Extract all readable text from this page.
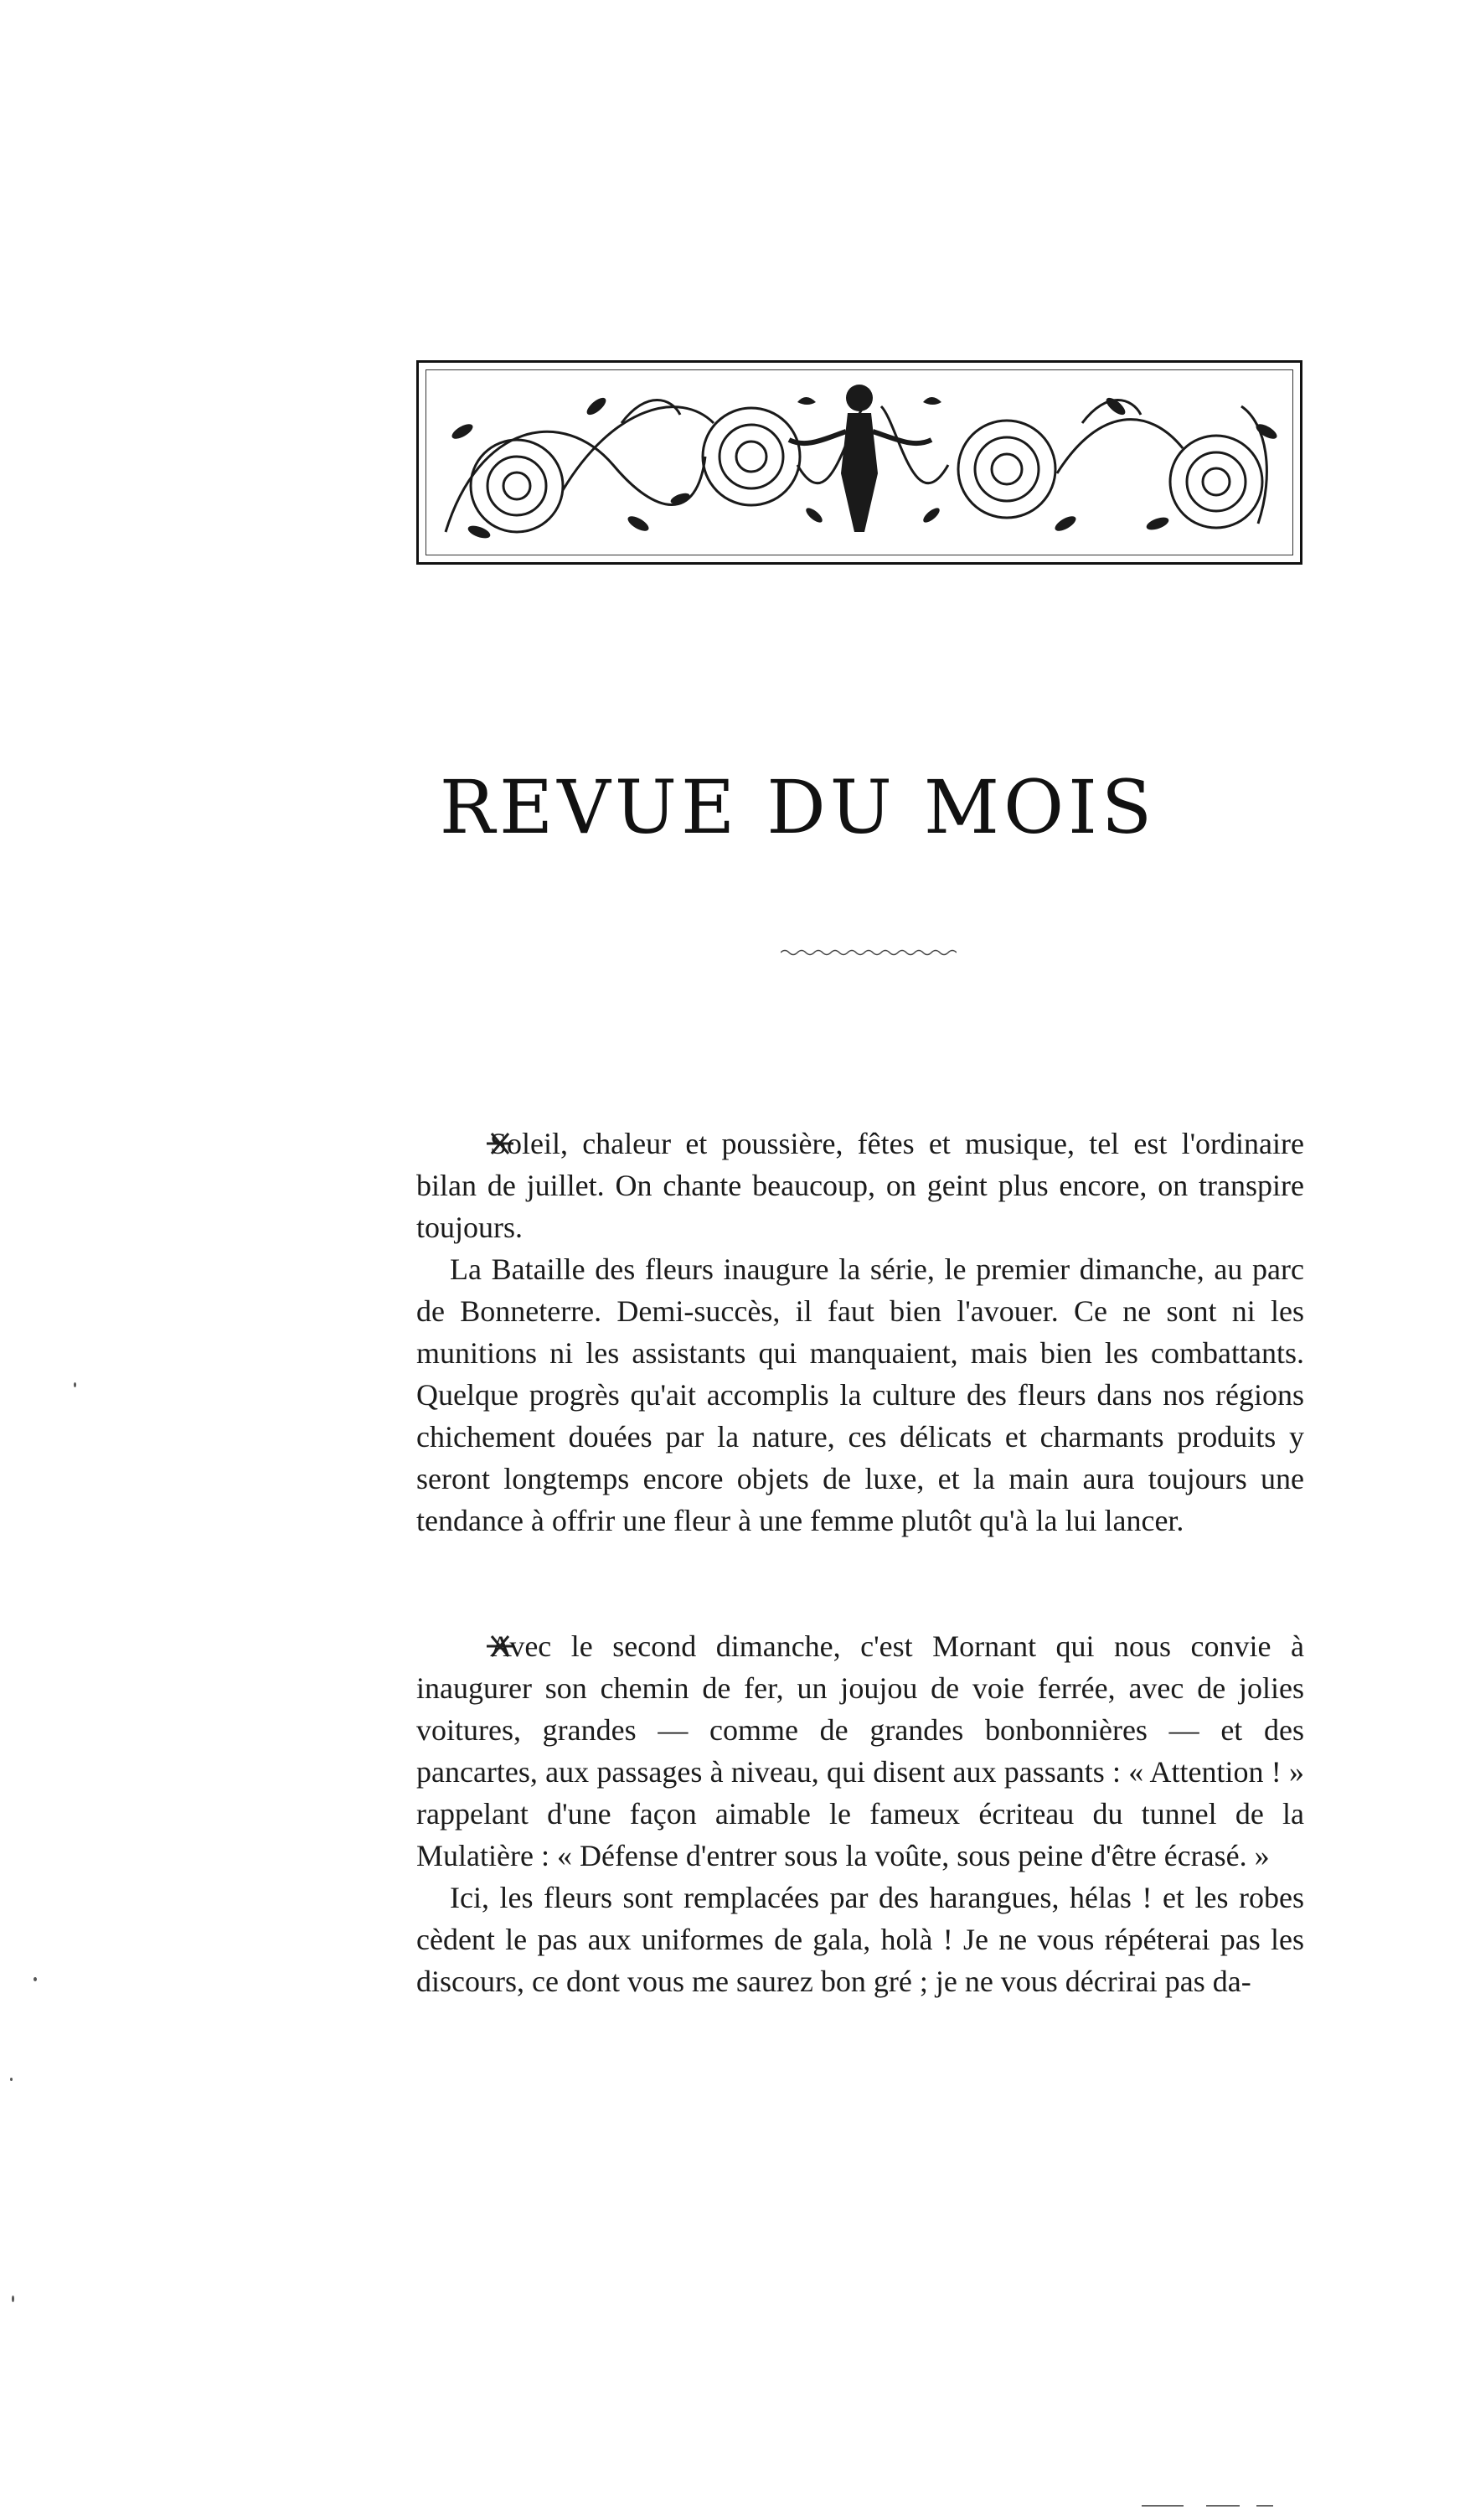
REVUE DU MOIS

Soleil, chaleur et poussière, fêtes et musique, tel est l'ordinaire bilan de juillet. On chante beaucoup, on geint plus encore, on transpire toujours.

La Bataille des fleurs inaugure la série, le premier dimanche, au parc de Bonneterre. Demi-succès, il faut bien l'avouer. Ce ne sont ni les munitions ni les assistants qui manquaient, mais bien les combattants. Quelque progrès qu'ait accomplis la culture des fleurs dans nos régions chichement douées par la nature, ces délicats et charmants produits y seront longtemps encore objets de luxe, et la main aura toujours une tendance à offrir une fleur à une femme plutôt qu'à la lui lancer.

Avec le second dimanche, c'est Mornant qui nous convie à inaugurer son chemin de fer, un joujou de voie ferrée, avec de jolies voitures, grandes — comme de grandes bonbonnières — et des pancartes, aux passages à niveau, qui disent aux passants : « Attention ! » rappelant d'une façon aimable le fameux écriteau du tunnel de la Mulatière : « Défense d'entrer sous la voûte, sous peine d'être écrasé. »

Ici, les fleurs sont remplacées par des harangues, hélas ! et les robes cèdent le pas aux uniformes de gala, holà ! Je ne vous répéterai pas les discours, ce dont vous me saurez bon gré ; je ne vous décrirai pas da-
